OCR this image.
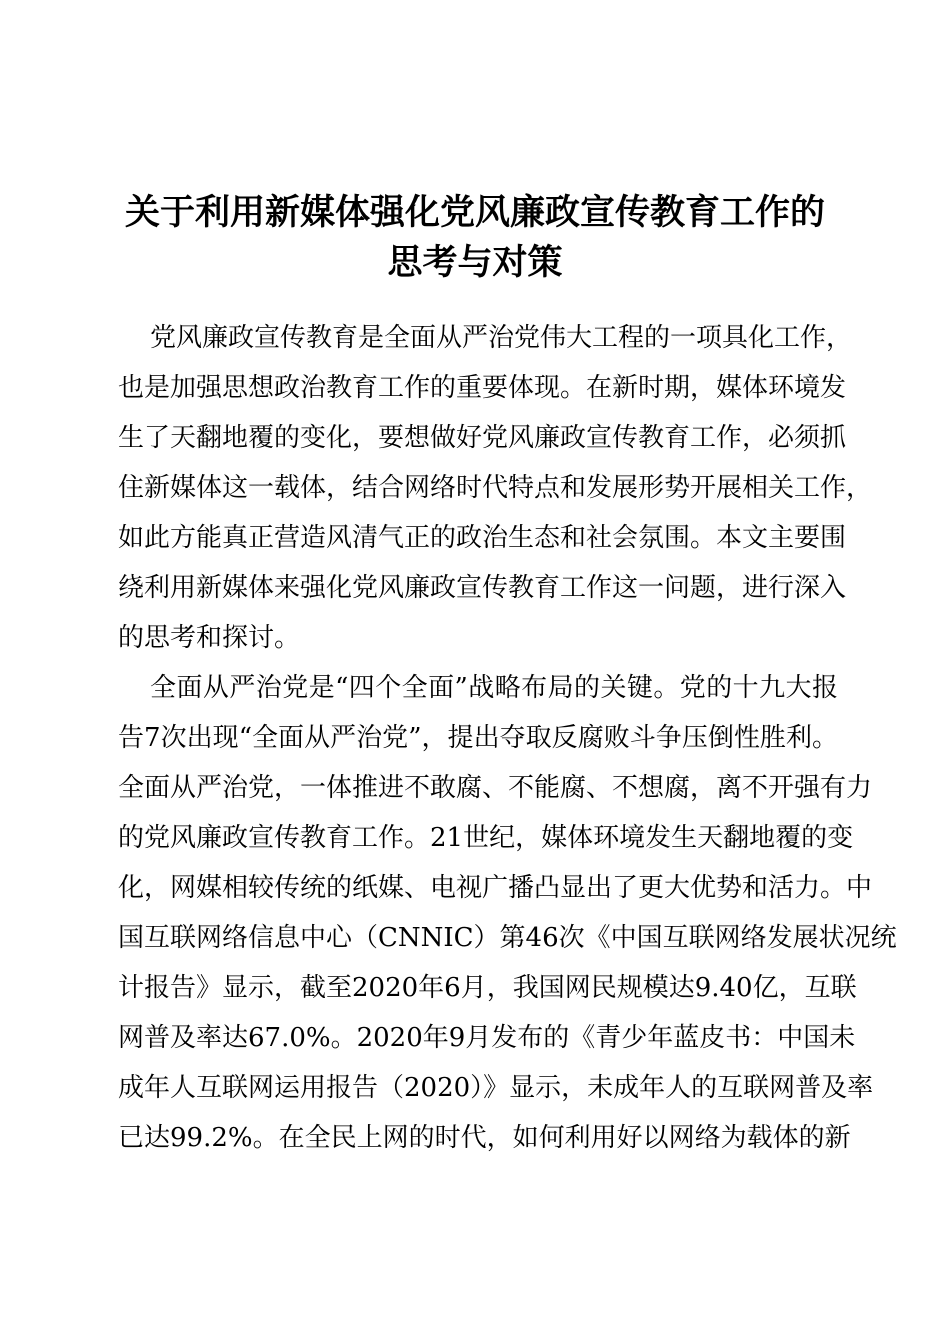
关于利用新媒体强化党风廉政宣传教育工作的
思考与对策
党风廉政宣传教育是全面从严治党伟大工程的一项具化工作，
也是加强思想政治教育工作的重要体现。在新时期，媒体环境发
生了天翻地覆的变化，要想做好党风廉政宣传教育工作，必须抓
住新媒体这一载体，结合网络时代特点和发展形势开展相关工作，
如此方能真正营造风清气正的政治生态和社会氛围。本文主要围
绕利用新媒体来强化党风廉政宣传教育工作这一问题，进行深入
的思考和探讨。
全面从严治党是“四个全面”战略布局的关键。党的十九大报
告7次出现“全面从严治党”，提出夺取反腐败斗争压倒性胜利。
全面从严治党，一体推进不敢腐、不能腐、不想腐，离不开强有力
的党风廉政宣传教育工作。21世纪，媒体环境发生天翻地覆的变
化，网媒相较传统的纸媒、电视广播凸显出了更大优势和活力。中
国互联网络信息中心（CNNIC）第46次《中国互联网络发展状况统
计报告》显示，截至2020年6月，我国网民规模达9.40亿，互联
网普及率达67.0%。2020年9月发布的《青少年蓝皮书：中国未
成年人互联网运用报告（2020）》显示，未成年人的互联网普及率
已达99.2%。在全民上网的时代，如何利用好以网络为载体的新
